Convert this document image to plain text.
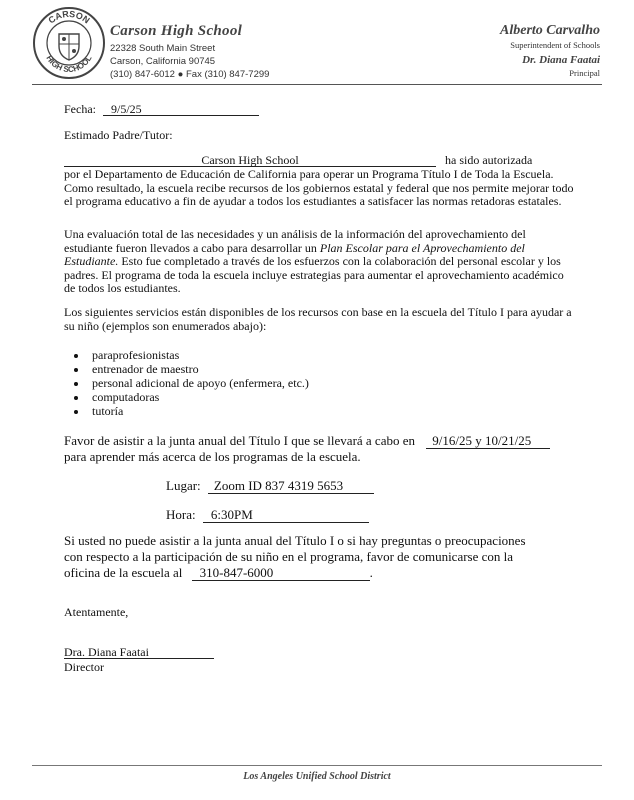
CARSON
HIGH SCHOOL
Carson High School
22328 South Main Street
Carson, California 90745
(310) 847-6012 ● Fax (310) 847-7299
Alberto Carvalho
Superintendent of Schools
Dr. Diana Faatai
Principal
Fecha: 9/5/25
Estimado Padre/Tutor:
Carson High School	ha sido autorizada
por el Departamento de Educación de California para operar un Programa Título I de Toda la Escuela.
Como resultado, la escuela recibe recursos de los gobiernos estatal y federal que nos permite mejorar todo
el programa educativo a fin de ayudar a todos los estudiantes a satisfacer las normas retadoras estatales.
Una evaluación total de las necesidades y un análisis de la información del aprovechamiento del
estudiante fueron llevados a cabo para desarrollar un Plan Escolar para el Aprovechamiento del
Estudiante. Esto fue completado a través de los esfuerzos con la colaboración del personal escolar y los
padres. El programa de toda la escuela incluye estrategias para aumentar el aprovechamiento académico
de todos los estudiantes.
Los siguientes servicios están disponibles de los recursos con base en la escuela del Título I para ayudar a
su niño (ejemplos son enumerados abajo):
• paraprofesionistas
• entrenador de maestro
• personal adicional de apoyo (enfermera, etc.)
• computadoras
• tutoría
Favor de asistir a la junta anual del Título I que se llevará a cabo en 9/16/25 y 10/21/25
para aprender más acerca de los programas de la escuela.
Lugar: Zoom ID 837 4319 5653
Hora: 6:30PM
Si usted no puede asistir a la junta anual del Título I o si hay preguntas o preocupaciones
con respecto a la participación de su niño en el programa, favor de comunicarse con la
oficina de la escuela al 310-847-6000	.
Atentamente,
Dra. Diana Faatai
Director
Los Angeles Unified School District
